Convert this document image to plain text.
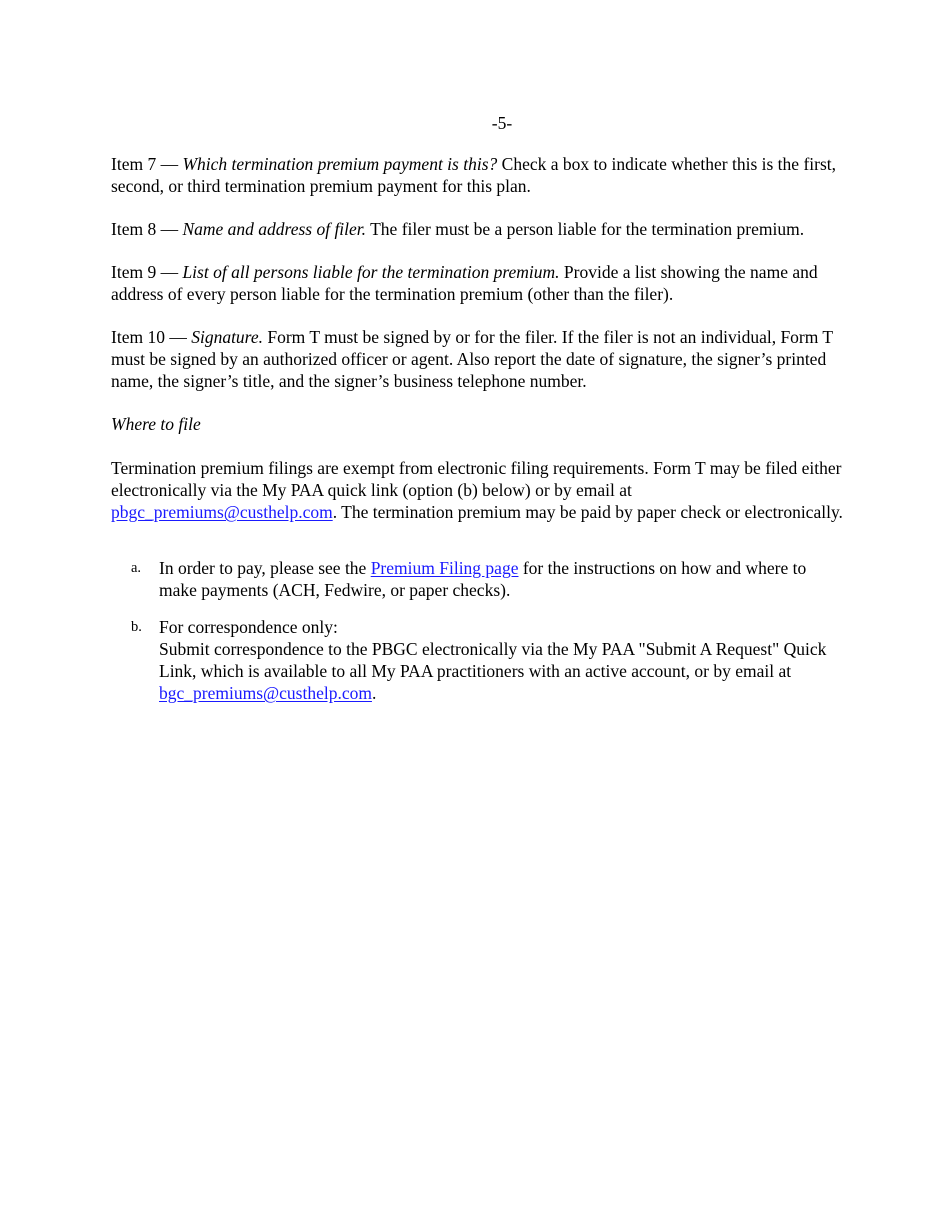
-5-

Item 7 — Which termination premium payment is this? Check a box to indicate whether this is the first, second, or third termination premium payment for this plan.

Item 8 — Name and address of filer. The filer must be a person liable for the termination premium.

Item 9 — List of all persons liable for the termination premium. Provide a list showing the name and address of every person liable for the termination premium (other than the filer).

Item 10 — Signature. Form T must be signed by or for the filer. If the filer is not an individual, Form T must be signed by an authorized officer or agent. Also report the date of signature, the signer’s printed name, the signer’s title, and the signer’s business telephone number.

Where to file

Termination premium filings are exempt from electronic filing requirements. Form T may be filed either electronically via the My PAA quick link (option (b) below) or by email at pbgc_premiums@custhelp.com. The termination premium may be paid by paper check or electronically.

a. In order to pay, please see the Premium Filing page for the instructions on how and where to make payments (ACH, Fedwire, or paper checks).
b. For correspondence only:
Submit correspondence to the PBGC electronically via the My PAA "Submit A Request" Quick Link, which is available to all My PAA practitioners with an active account, or by email at bgc_premiums@custhelp.com.
